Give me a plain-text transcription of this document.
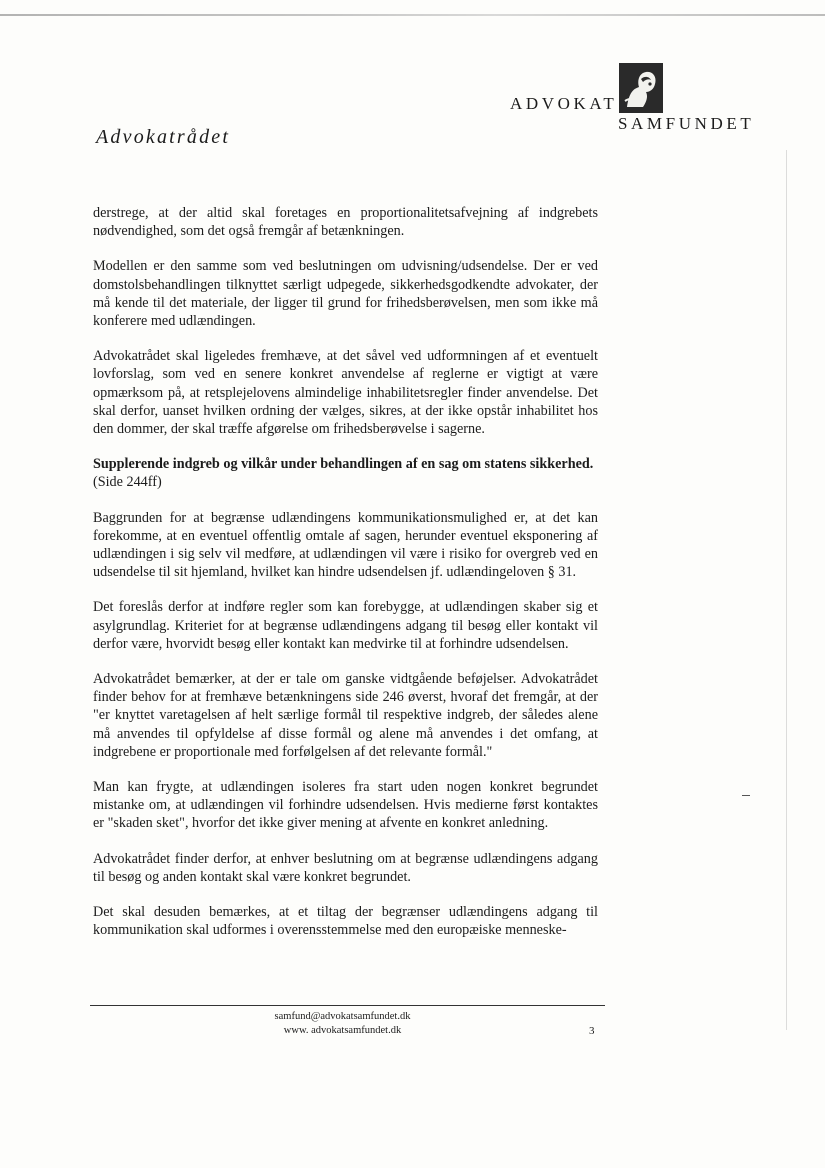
ADVOKAT
SAMFUNDET
Advokatrådet

derstrege, at der altid skal foretages en proportionalitetsafvejning af indgrebets nødvendighed, som det også fremgår af betænkningen.

Modellen er den samme som ved beslutningen om udvisning/udsendelse. Der er ved domstolsbehandlingen tilknyttet særligt udpegede, sikkerhedsgodkendte advokater, der må kende til det materiale, der ligger til grund for frihedsberøvelsen, men som ikke må konferere med udlændingen.

Advokatrådet skal ligeledes fremhæve, at det såvel ved udformningen af et eventuelt lovforslag, som ved en senere konkret anvendelse af reglerne er vigtigt at være opmærksom på, at retsplejelovens almindelige inhabilitetsregler finder anvendelse. Det skal derfor, uanset hvilken ordning der vælges, sikres, at der ikke opstår inhabilitet hos den dommer, der skal træffe afgørelse om frihedsberøvelse i sagerne.

Supplerende indgreb og vilkår under behandlingen af en sag om statens sikkerhed.

(Side 244ff)

Baggrunden for at begrænse udlændingens kommunikationsmulighed er, at det kan forekomme, at en eventuel offentlig omtale af sagen, herunder eventuel eksponering af udlændingen i sig selv vil medføre, at udlændingen vil være i risiko for overgreb ved en udsendelse til sit hjemland, hvilket kan hindre udsendelsen jf. udlændingeloven § 31.

Det foreslås derfor at indføre regler som kan forebygge, at udlændingen skaber sig et asylgrundlag. Kriteriet for at begrænse udlændingens adgang til besøg eller kontakt vil derfor være, hvorvidt besøg eller kontakt kan medvirke til at forhindre udsendelsen.

Advokatrådet bemærker, at der er tale om ganske vidtgående beføjelser. Advokatrådet finder behov for at fremhæve betænkningens side 246 øverst, hvoraf det fremgår, at der "er knyttet varetagelsen af helt særlige formål til respektive indgreb, der således alene må anvendes til opfyldelse af disse formål og alene må anvendes i det omfang, at indgrebene er proportionale med forfølgelsen af det relevante formål."

Man kan frygte, at udlændingen isoleres fra start uden nogen konkret begrundet mistanke om, at udlændingen vil forhindre udsendelsen. Hvis medierne først kontaktes er "skaden sket", hvorfor det ikke giver mening at afvente en konkret anledning.

Advokatrådet finder derfor, at enhver beslutning om at begrænse udlændingens adgang til besøg og anden kontakt skal være konkret begrundet.

Det skal desuden bemærkes, at et tiltag der begrænser udlændingens adgang til kommunikation skal udformes i overensstemmelse med den europæiske menneske-

samfund@advokatsamfundet.dk
www. advokatsamfundet.dk	3
